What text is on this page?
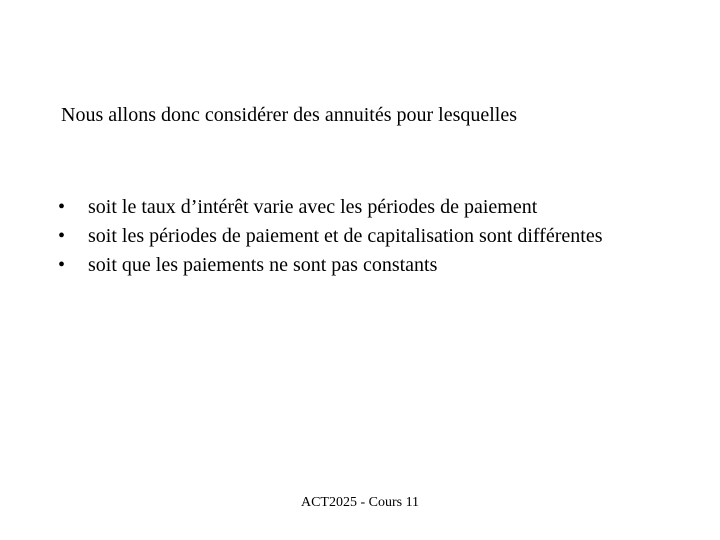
Nous allons donc considérer des annuités pour lesquelles
•	soit le taux d’intérêt varie avec les périodes de paiement
•	soit les périodes de paiement et de capitalisation sont différentes
•	soit que les paiements ne sont pas constants
ACT2025 - Cours 11
